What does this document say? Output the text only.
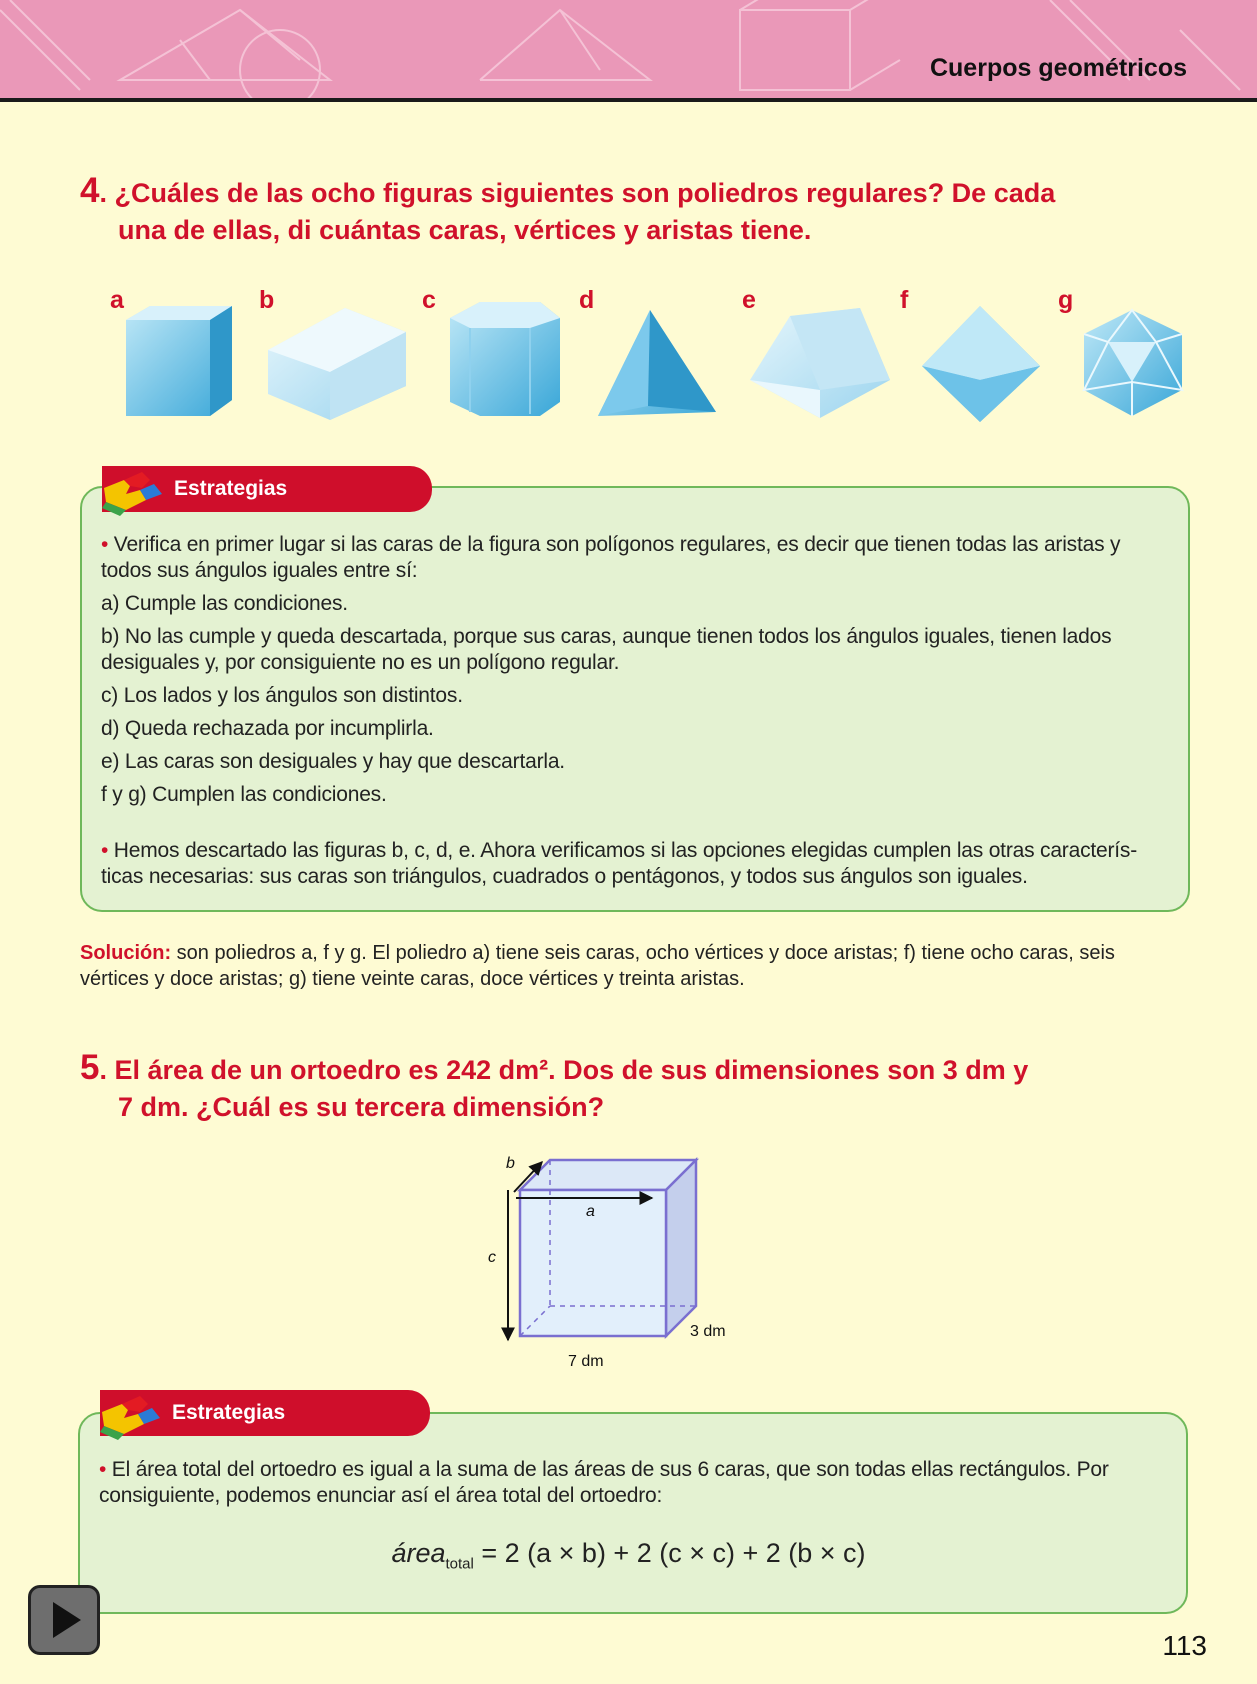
Cuerpos geométricos
4. ¿Cuáles de las ocho figuras siguientes son poliedros regulares? De cada
una de ellas, di cuántas caras, vértices y aristas tiene.
a	b	c	d	e	f	g
Estrategias

• Verifica en primer lugar si las caras de la figura son polígonos regulares, es decir que tienen todas las aristas y todos sus ángulos iguales entre sí:

a) Cumple las condiciones.

b) No las cumple y queda descartada, porque sus caras, aunque tienen todos los ángulos iguales, tienen lados desiguales y, por consiguiente no es un polígono regular.

c) Los lados y los ángulos son distintos.

d) Queda rechazada por incumplirla.

e) Las caras son desiguales y hay que descartarla.

f y g) Cumplen las condiciones.

• Hemos descartado las figuras b, c, d, e. Ahora verificamos si las opciones elegidas cumplen las otras características necesarias: sus caras son triángulos, cuadrados o pentágonos, y todos sus ángulos son iguales.

Solución: son poliedros a, f y g. El poliedro a) tiene seis caras, ocho vértices y doce aristas; f) tiene ocho caras, seis vértices y doce aristas; g) tiene veinte caras, doce vértices y treinta aristas.
5. El área de un ortoedro es 242 dm². Dos de sus dimensiones son 3 dm y
7 dm. ¿Cuál es su tercera dimensión?
b
a
c
3 dm
7 dm
Estrategias

• El área total del ortoedro es igual a la suma de las áreas de sus 6 caras, que son todas ellas rectángulos. Por consiguiente, podemos enunciar así el área total del ortoedro:

área$_{total}$ = 2 (a × b) + 2 (c × c) + 2 (b × c)
113
